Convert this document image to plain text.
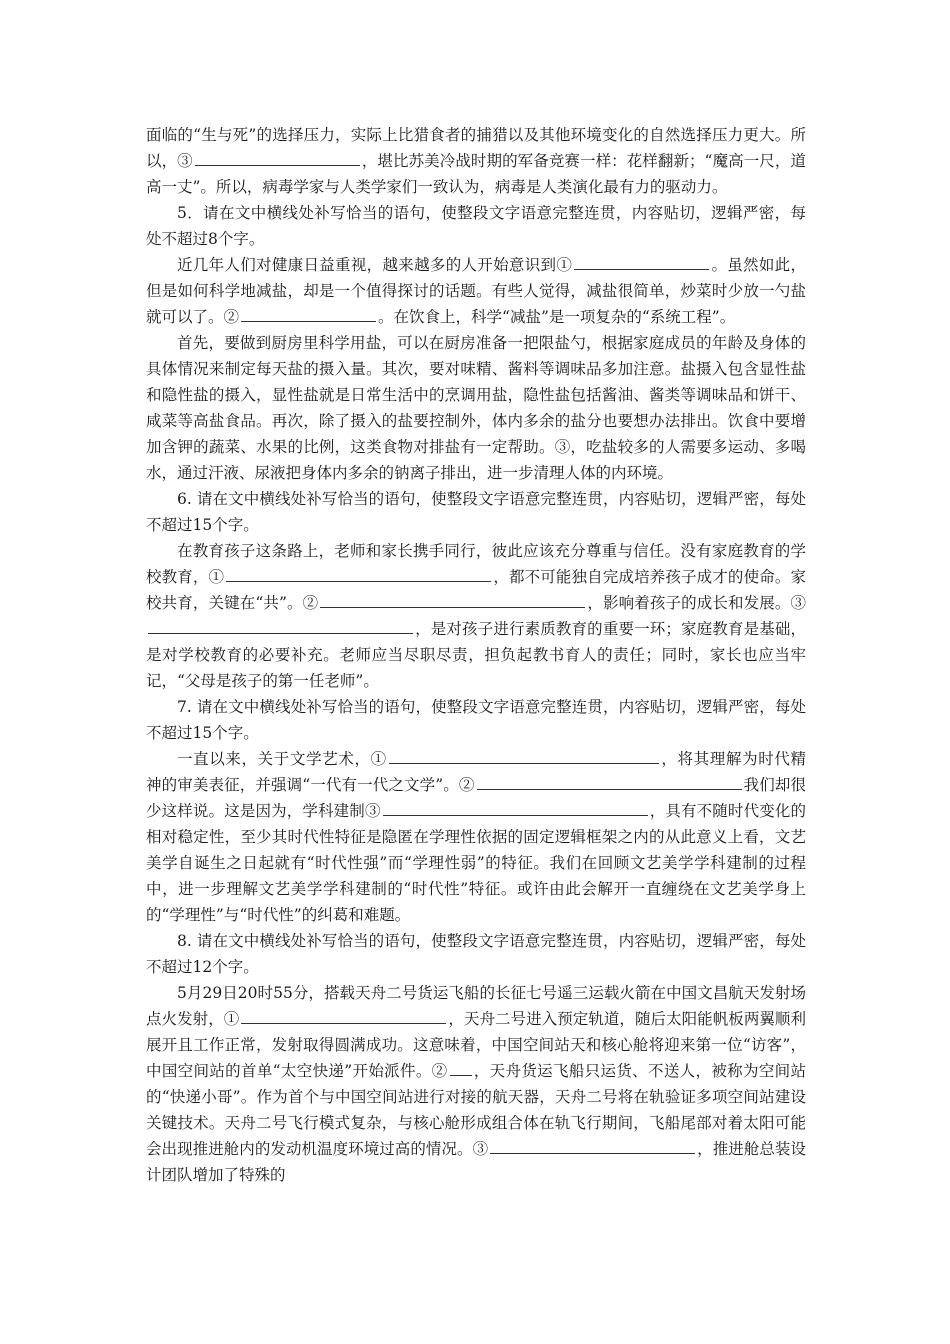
面临的“生与死”的选择压力，实际上比猎食者的捕猎以及其他环境变化的自然选择压力更大。所以，③	，堪比苏美冷战时期的军备竞赛一样：花样翻新；“魔高一尺，道高一丈”。所以，病毒学家与人类学家们一致认为，病毒是人类演化最有力的驱动力。

5．请在文中横线处补写恰当的语句，使整段文字语意完整连贯，内容贴切，逻辑严密，每处不超过8个字。

近几年人们对健康日益重视，越来越多的人开始意识到①	。虽然如此，但是如何科学地减盐，却是一个值得探讨的话题。有些人觉得，减盐很简单，炒菜时少放一勺盐就可以了。②	。在饮食上，科学“减盐”是一项复杂的“系统工程”。

首先，要做到厨房里科学用盐，可以在厨房准备一把限盐勺，根据家庭成员的年龄及身体的具体情况来制定每天盐的摄入量。其次，要对味精、酱料等调味品多加注意。盐摄入包含显性盐和隐性盐的摄入，显性盐就是日常生活中的烹调用盐，隐性盐包括酱油、酱类等调味品和饼干、咸菜等高盐食品。再次，除了摄入的盐要控制外，体内多余的盐分也要想办法排出。饮食中要增加含钾的蔬菜、水果的比例，这类食物对排盐有一定帮助。③，吃盐较多的人需要多运动、多喝水，通过汗液、尿液把身体内多余的钠离子排出，进一步清理人体的内环境。

6. 请在文中横线处补写恰当的语句，使整段文字语意完整连贯，内容贴切，逻辑严密，每处不超过15个字。

在教育孩子这条路上，老师和家长携手同行，彼此应该充分尊重与信任。没有家庭教育的学校教育，①	，都不可能独自完成培养孩子成才的使命。家校共育，关键在“共”。②	，影响着孩子的成长和发展。③，是对孩子进行素质教育的重要一环；家庭教育是基础，是对学校教育的必要补充。老师应当尽职尽责，担负起教书育人的责任；同时，家长也应当牢记，“父母是孩子的第一任老师”。

7. 请在文中横线处补写恰当的语句，使整段文字语意完整连贯，内容贴切，逻辑严密，每处不超过15个字。

一直以来，关于文学艺术，①	，将其理解为时代精神的审美表征，并强调“一代有一代之文学”。②	我们却很少这样说。这是因为，学科建制③	，具有不随时代变化的相对稳定性，至少其时代性特征是隐匿在学理性依据的固定逻辑框架之内的从此意义上看，文艺美学自诞生之日起就有“时代性强”而“学理性弱”的特征。我们在回顾文艺美学学科建制的过程中，进一步理解文艺美学学科建制的“时代性”特征。或许由此会解开一直缠绕在文艺美学身上的“学理性”与“时代性”的纠葛和难题。

8. 请在文中横线处补写恰当的语句，使整段文字语意完整连贯，内容贴切，逻辑严密，每处不超过12个字。

5月29日20时55分，搭载天舟二号货运飞船的长征七号遥三运载火箭在中国文昌航天发射场点火发射，①	，天舟二号进入预定轨道，随后太阳能帆板两翼顺利展开且工作正常，发射取得圆满成功。这意味着，中国空间站天和核心舱将迎来第一位“访客”，中国空间站的首单“太空快递”开始派件。② ，天舟货运飞船只运货、不送人，被称为空间站的“快递小哥”。作为首个与中国空间站进行对接的航天器，天舟二号将在轨验证多项空间站建设关键技术。天舟二号飞行模式复杂，与核心舱形成组合体在轨飞行期间，飞船尾部对着太阳可能会出现推进舱内的发动机温度环境过高的情况。③	，推进舱总装设计团队增加了特殊的
